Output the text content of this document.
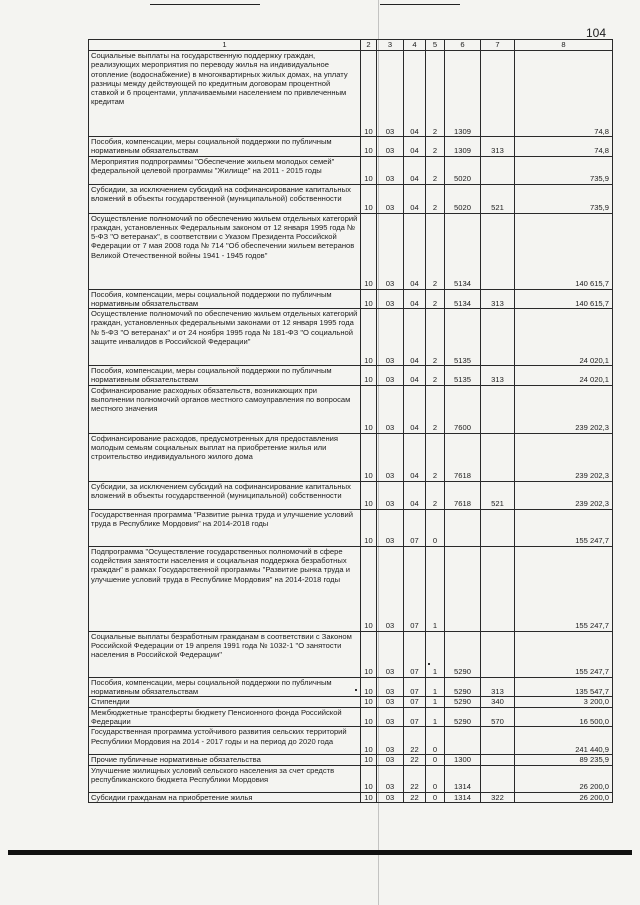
104
1	2	3	4	5	6	7	8
Социальные выплаты на государственную поддержку граждан, реализующих мероприятия по переводу жилья на индивидуальное отопление (водоснабжение) в многоквартирных жилых домах, на уплату разницы между действующей по кредитным договорам процентной ставкой и 6 процентами, уплачиваемыми населением по привлеченным кредитам	10	03	04	2	1309		74,8
Пособия, компенсации, меры социальной поддержки по публичным нормативным обязательствам	10	03	04	2	1309	313	74,8
Мероприятия подпрограммы "Обеспечение жильем молодых семей" федеральной целевой программы "Жилище" на 2011 - 2015 годы	10	03	04	2	5020		735,9
Субсидии, за исключением субсидий на софинансирование капитальных вложений в объекты государственной (муниципальной) собственности	10	03	04	2	5020	521	735,9
Осуществление полномочий по обеспечению жильем отдельных категорий граждан, установленных Федеральным законом от 12 января 1995 года № 5-ФЗ "О ветеранах", в соответствии с Указом Президента Российской Федерации от 7 мая 2008 года № 714 "Об обеспечении жильем ветеранов Великой Отечественной войны 1941 - 1945 годов"	10	03	04	2	5134		140 615,7
Пособия, компенсации, меры социальной поддержки по публичным нормативным обязательствам	10	03	04	2	5134	313	140 615,7
Осуществление полномочий по обеспечению жильем отдельных категорий граждан, установленных федеральными законами от 12 января 1995 года № 5-ФЗ "О ветеранах" и от 24 ноября 1995 года № 181-ФЗ "О социальной защите инвалидов в Российской Федерации"	10	03	04	2	5135		24 020,1
Пособия, компенсации, меры социальной поддержки по публичным нормативным обязательствам	10	03	04	2	5135	313	24 020,1
Софинансирование расходных обязательств, возникающих при выполнении полномочий органов местного самоуправления по вопросам местного значения	10	03	04	2	7600		239 202,3
Софинансирование расходов, предусмотренных для предоставления молодым семьям социальных выплат на приобретение жилья или строительство индивидуального жилого дома	10	03	04	2	7618		239 202,3
Субсидии, за исключением субсидий на софинансирование капитальных вложений в объекты государственной (муниципальной) собственности	10	03	04	2	7618	521	239 202,3
Государственная программа "Развитие рынка труда и улучшение условий труда в Республике Мордовия" на 2014-2018 годы	10	03	07	0			155 247,7
Подпрограмма "Осуществление государственных полномочий в сфере содействия занятости населения и социальная поддержка безработных граждан" в рамках Государственной программы "Развитие рынка труда и улучшение условий труда в Республике Мордовия" на 2014-2018 годы	10	03	07	1			155 247,7
Социальные выплаты безработным гражданам в соответствии с Законом Российской Федерации от 19 апреля 1991 года № 1032-1 "О занятости населения в Российской Федерации"	10	03	07	1	5290		155 247,7
Пособия, компенсации, меры социальной поддержки по публичным нормативным обязательствам	10	03	07	1	5290	313	135 547,7
Стипендии	10	03	07	1	5290	340	3 200,0
Межбюджетные трансферты бюджету Пенсионного фонда Российской Федерации	10	03	07	1	5290	570	16 500,0
Государственная программа устойчивого развития сельских территорий Республики Мордовия на 2014 - 2017 годы и на период до 2020 года	10	03	22	0			241 440,9
Прочие публичные нормативные обязательства	10	03	22	0	1300		89 235,9
Улучшение жилищных условий сельского населения за счет средств республиканского бюджета Республики Мордовия	10	03	22	0	1314		26 200,0
Субсидии гражданам на приобретение жилья	10	03	22	0	1314	322	26 200,0
